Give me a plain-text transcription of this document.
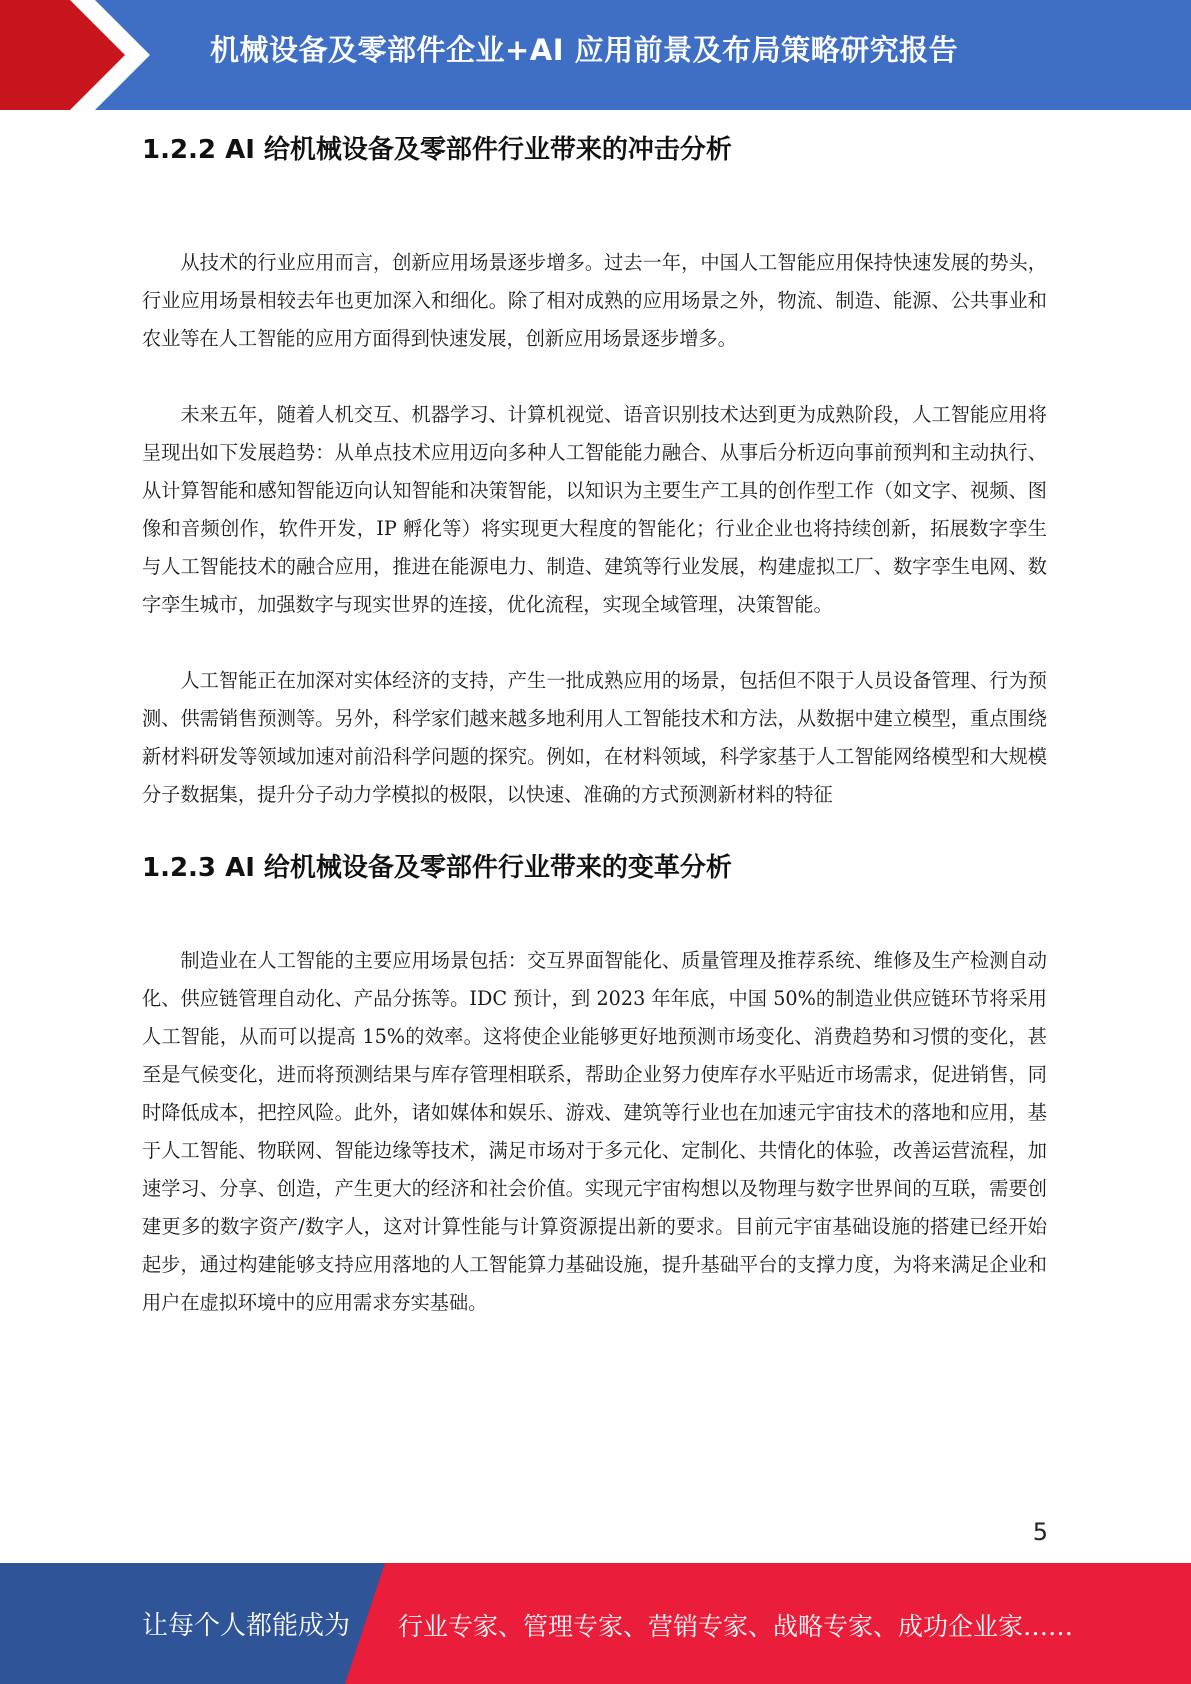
机械设备及零部件企业+AI 应用前景及布局策略研究报告
1.2.2 AI 给机械设备及零部件行业带来的冲击分析

从技术的行业应用而言，创新应用场景逐步增多。过去一年，中国人工智能应用保持快速发展的势头，行业应用场景相较去年也更加深入和细化。除了相对成熟的应用场景之外，物流、制造、能源、公共事业和农业等在人工智能的应用方面得到快速发展，创新应用场景逐步增多。

未来五年，随着人机交互、机器学习、计算机视觉、语音识别技术达到更为成熟阶段，人工智能应用将呈现出如下发展趋势：从单点技术应用迈向多种人工智能能力融合、从事后分析迈向事前预判和主动执行、从计算智能和感知智能迈向认知智能和决策智能，以知识为主要生产工具的创作型工作（如文字、视频、图像和音频创作，软件开发，IP 孵化等）将实现更大程度的智能化；行业企业也将持续创新，拓展数字孪生与人工智能技术的融合应用，推进在能源电力、制造、建筑等行业发展，构建虚拟工厂、数字孪生电网、数字孪生城市，加强数字与现实世界的连接，优化流程，实现全域管理，决策智能。

人工智能正在加深对实体经济的支持，产生一批成熟应用的场景，包括但不限于人员设备管理、行为预测、供需销售预测等。另外，科学家们越来越多地利用人工智能技术和方法，从数据中建立模型，重点围绕新材料研发等领域加速对前沿科学问题的探究。例如，在材料领域，科学家基于人工智能网络模型和大规模分子数据集，提升分子动力学模拟的极限，以快速、准确的方式预测新材料的特征

1.2.3 AI 给机械设备及零部件行业带来的变革分析

制造业在人工智能的主要应用场景包括：交互界面智能化、质量管理及推荐系统、维修及生产检测自动化、供应链管理自动化、产品分拣等。IDC 预计，到 2023 年年底，中国 50%的制造业供应链环节将采用人工智能，从而可以提高 15%的效率。这将使企业能够更好地预测市场变化、消费趋势和习惯的变化，甚至是气候变化，进而将预测结果与库存管理相联系，帮助企业努力使库存水平贴近市场需求，促进销售，同时降低成本，把控风险。此外，诸如媒体和娱乐、游戏、建筑等行业也在加速元宇宙技术的落地和应用，基于人工智能、物联网、智能边缘等技术，满足市场对于多元化、定制化、共情化的体验，改善运营流程，加速学习、分享、创造，产生更大的经济和社会价值。实现元宇宙构想以及物理与数字世界间的互联，需要创建更多的数字资产/数字人，这对计算性能与计算资源提出新的要求。目前元宇宙基础设施的搭建已经开始起步，通过构建能够支持应用落地的人工智能算力基础设施，提升基础平台的支撑力度，为将来满足企业和用户在虚拟环境中的应用需求夯实基础。

5
让每个人都能成为 行业专家、管理专家、营销专家、战略专家、成功企业家……
